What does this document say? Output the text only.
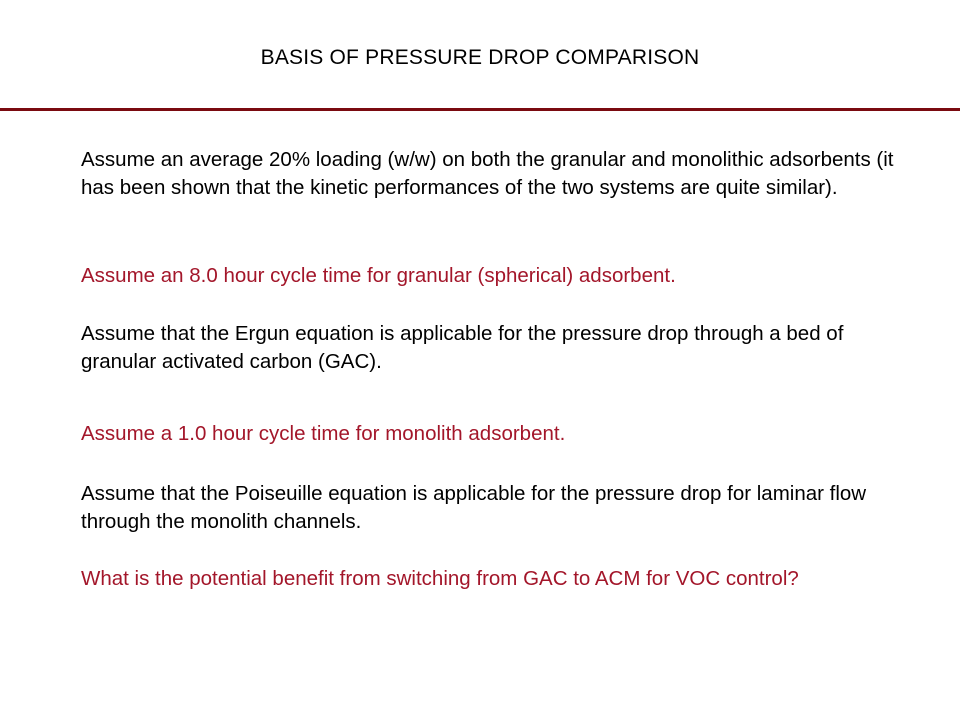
BASIS OF PRESSURE DROP COMPARISON

Assume an average 20% loading (w/w) on both the granular and monolithic adsorbents (it has been shown that the kinetic performances of the two systems are quite similar).

Assume an 8.0 hour cycle time for granular (spherical) adsorbent.

Assume that the Ergun equation is applicable for the pressure drop through a bed of granular activated carbon (GAC).

Assume a 1.0 hour cycle time for monolith adsorbent.

Assume that the Poiseuille equation is applicable for the pressure drop for laminar flow through the monolith channels.

What is the potential benefit from switching from GAC to ACM for VOC control?
